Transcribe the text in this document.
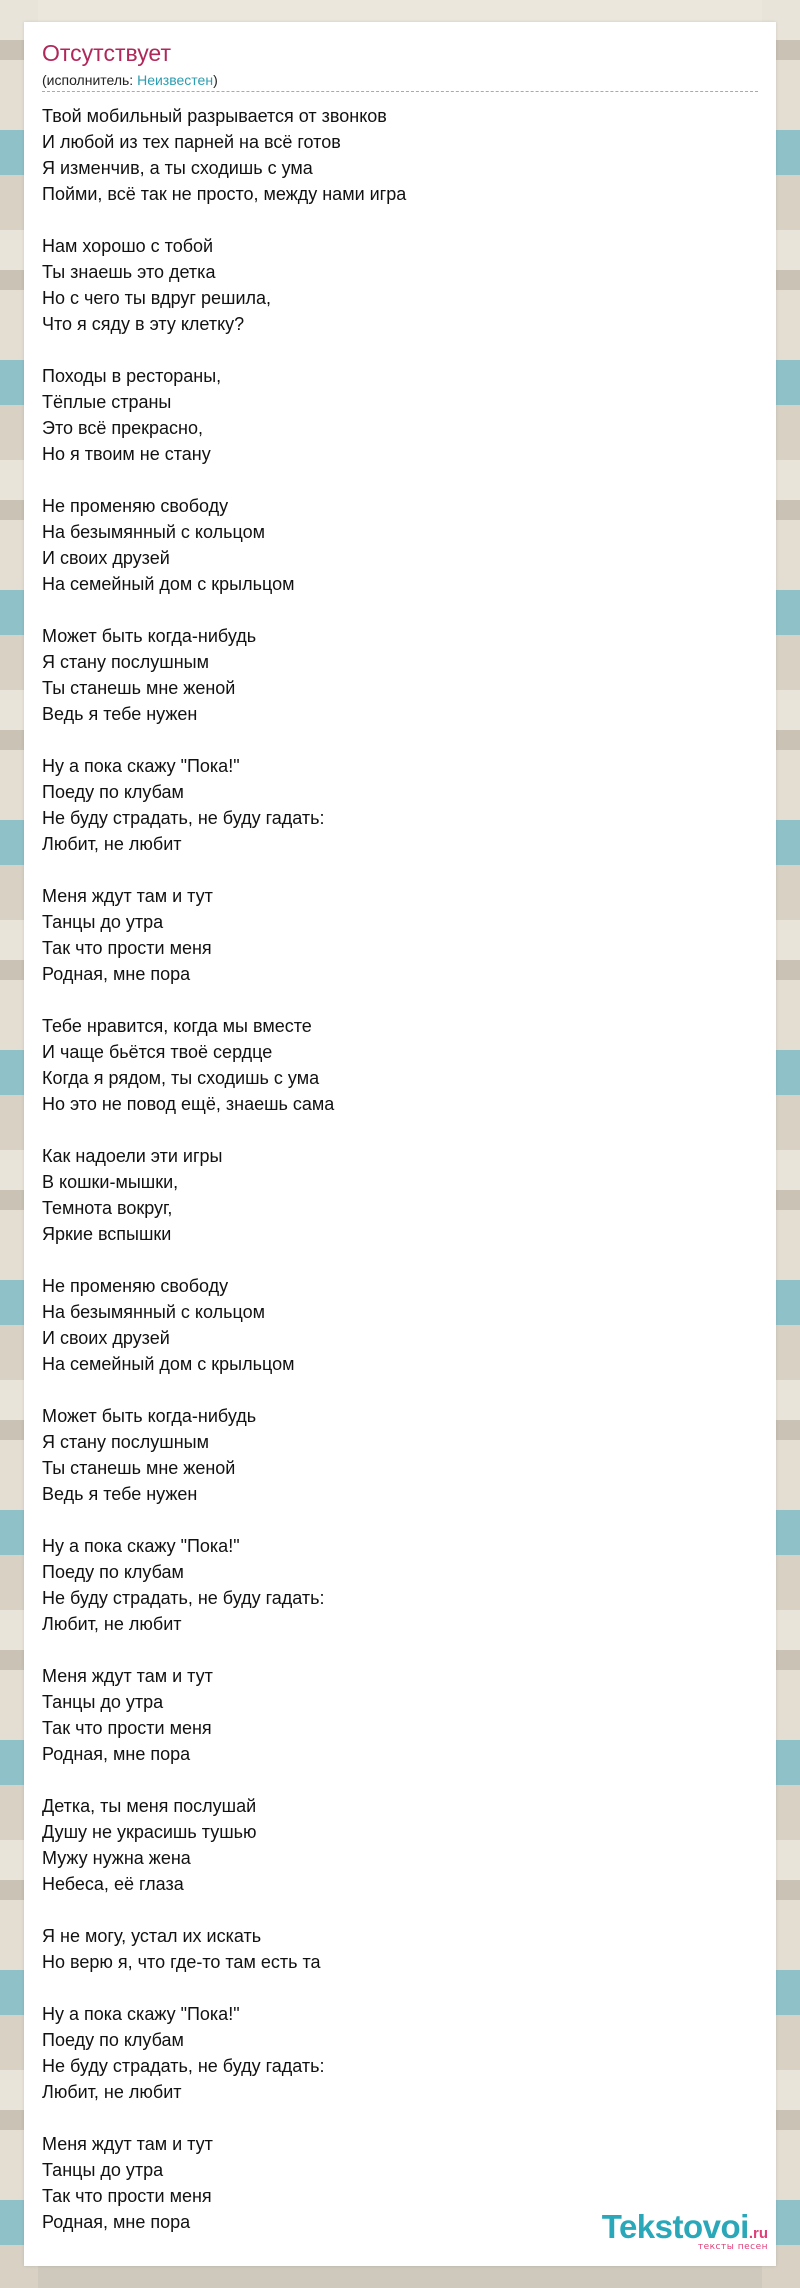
Отсутствует
(исполнитель: Неизвестен)
Твой мобильный разрывается от звонков
И любой из тех парней на всё готов
Я изменчив, а ты сходишь с ума
Пойми, всё так не просто, между нами игра
Нам хорошо с тобой
Ты знаешь это детка
Но с чего ты вдруг решила,
Что я сяду в эту клетку?
Походы в рестораны,
Тёплые страны
Это всё прекрасно,
Но я твоим не стану
Не променяю свободу
На безымянный с кольцом
И своих друзей
На семейный дом с крыльцом
Может быть когда-нибудь
Я стану послушным
Ты станешь мне женой
Ведь я тебе нужен
Ну а пока скажу "Пока!"
Поеду по клубам
Не буду страдать, не буду гадать:
Любит, не любит
Меня ждут там и тут
Танцы до утра
Так что прости меня
Родная, мне пора
Тебе нравится, когда мы вместе
И чаще бьётся твоё сердце
Когда я рядом, ты сходишь с ума
Но это не повод ещё, знаешь сама
Как надоели эти игры
В кошки-мышки,
Темнота вокруг,
Яркие вспышки
Не променяю свободу
На безымянный с кольцом
И своих друзей
На семейный дом с крыльцом
Может быть когда-нибудь
Я стану послушным
Ты станешь мне женой
Ведь я тебе нужен
Ну а пока скажу "Пока!"
Поеду по клубам
Не буду страдать, не буду гадать:
Любит, не любит
Меня ждут там и тут
Танцы до утра
Так что прости меня
Родная, мне пора
Детка, ты меня послушай
Душу не украсишь тушью
Мужу нужна жена
Небеса, её глаза
Я не могу, устал их искать
Но верю я, что где-то там есть та
Ну а пока скажу "Пока!"
Поеду по клубам
Не буду страдать, не буду гадать:
Любит, не любит
Меня ждут там и тут
Танцы до утра
Так что прости меня
Родная, мне пора	Tekstovoi.ru
тексты песен
